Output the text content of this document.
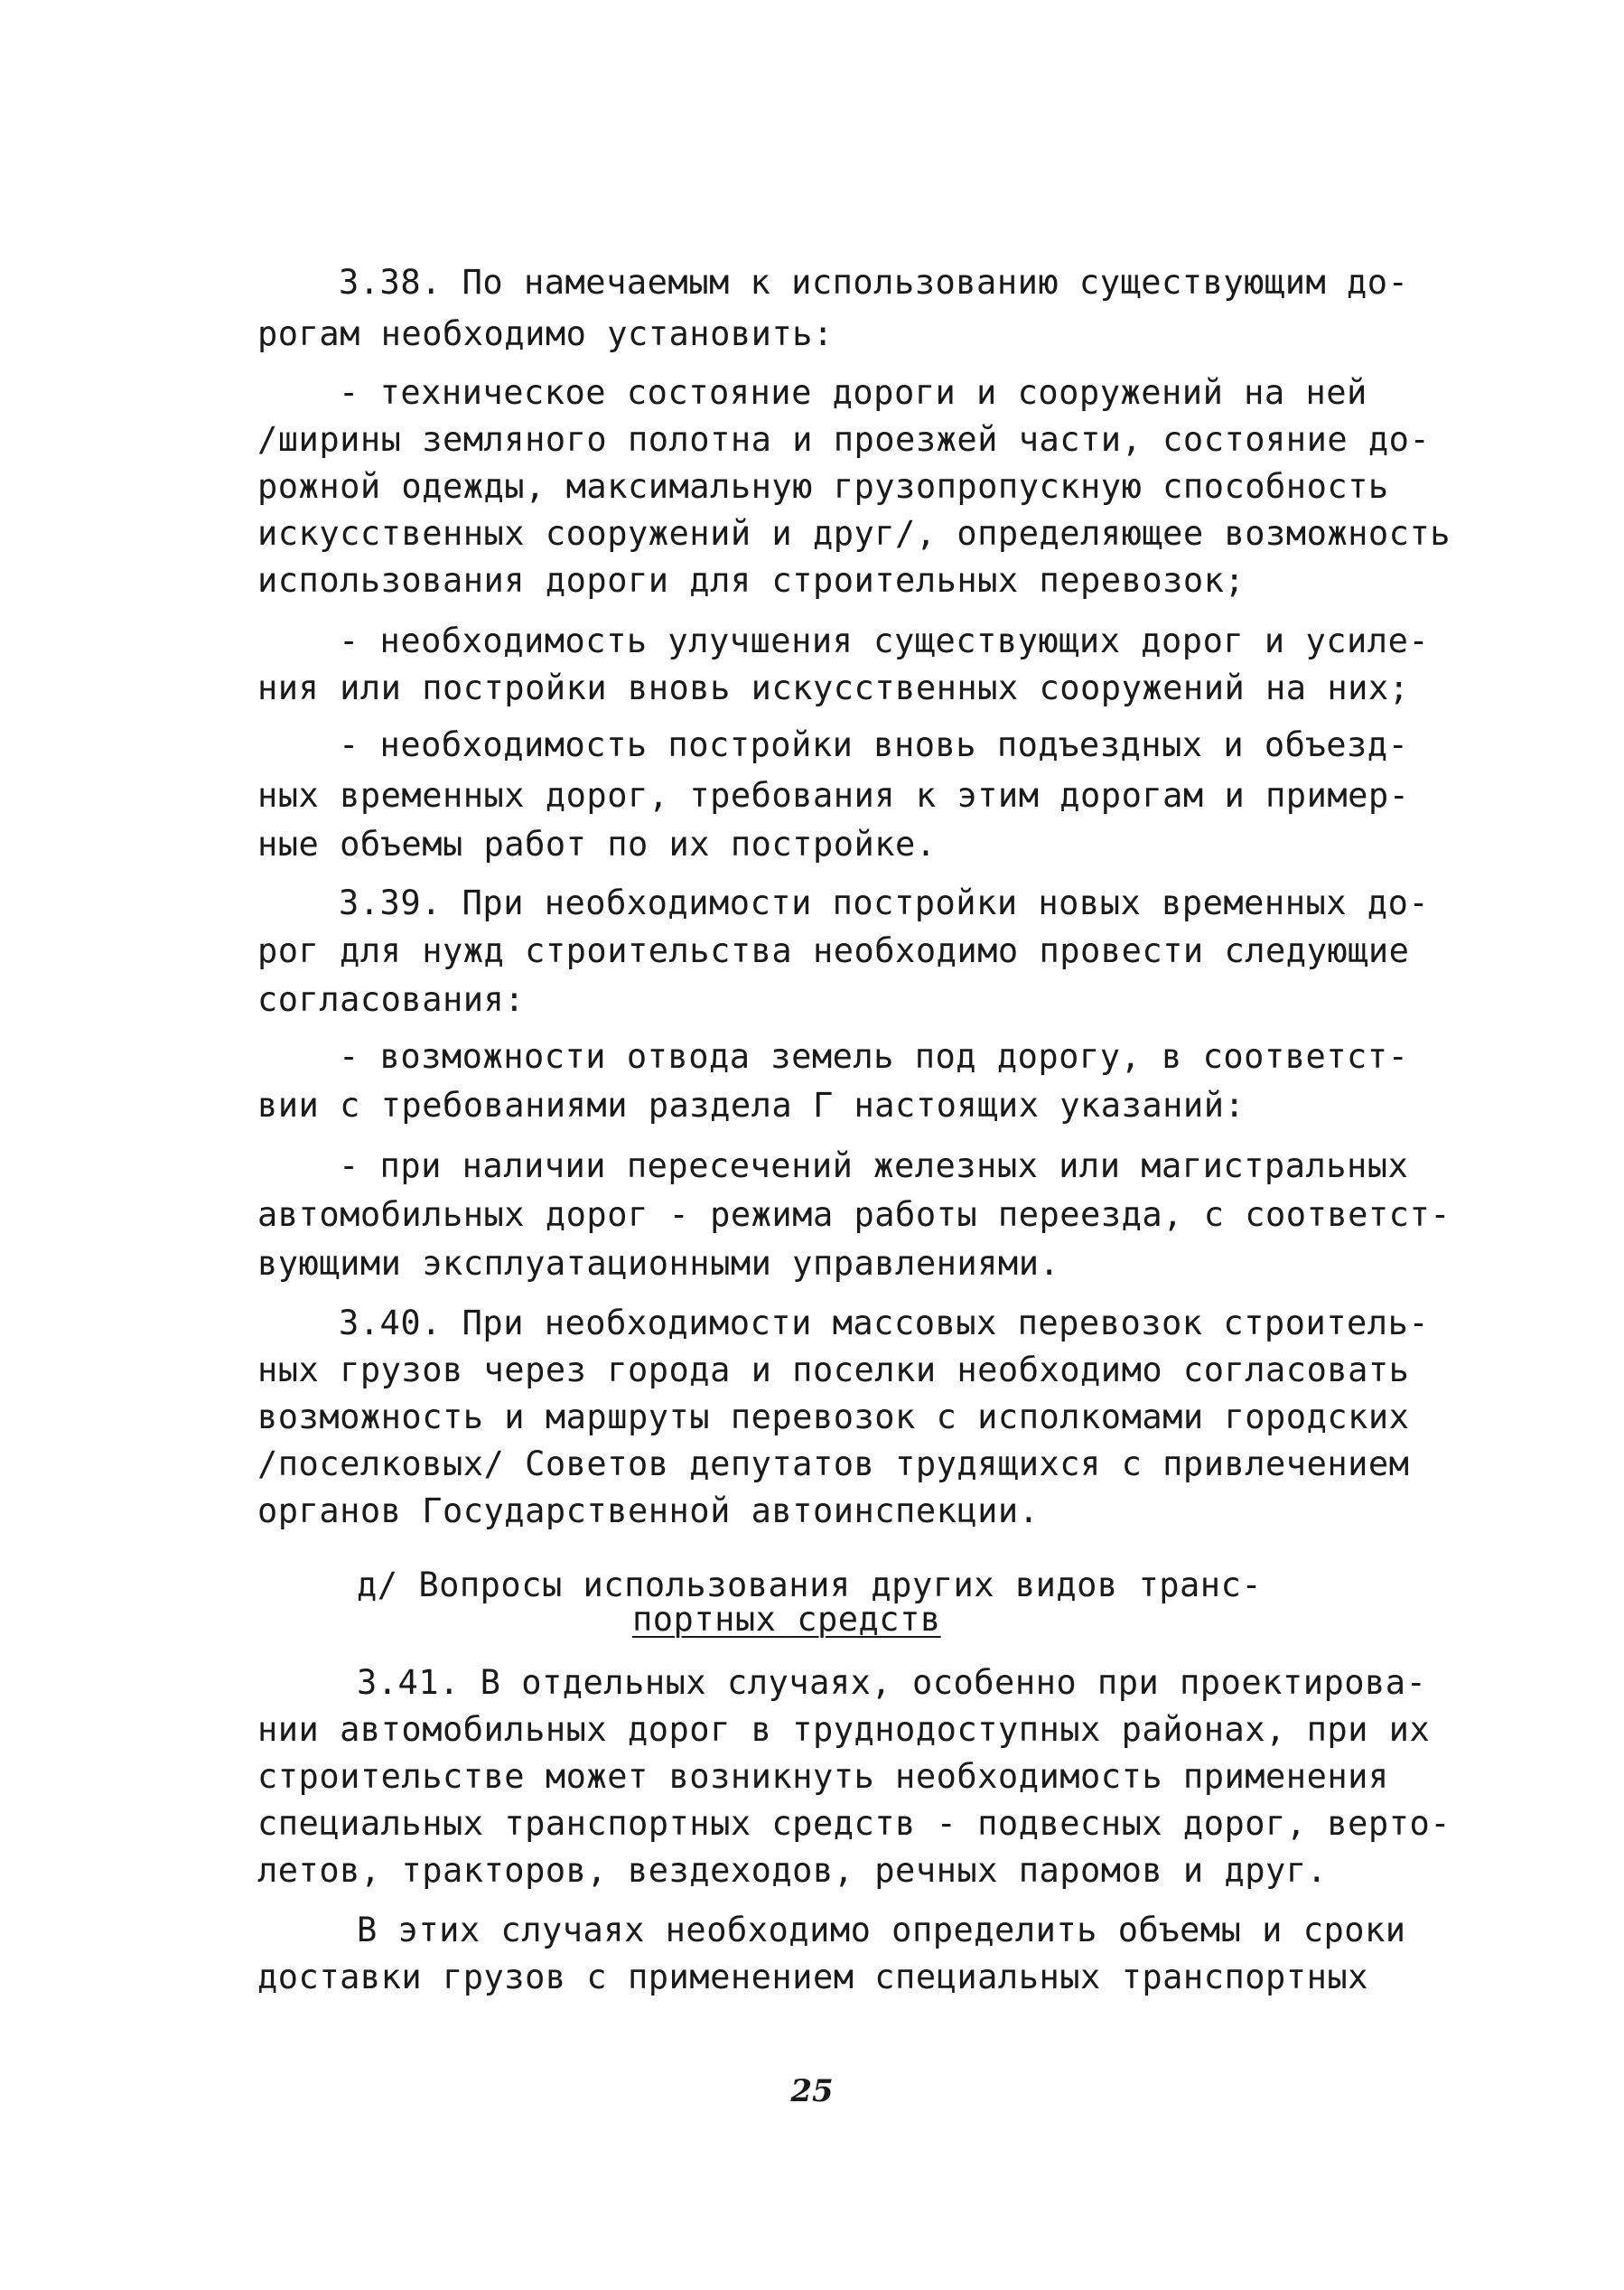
3.38. По намечаемым к использованию существующим до-
рогам необходимо установить:
- техническое состояние дороги и сооружений на ней
/ширины земляного полотна и проезжей части, состояние до-
рожной одежды, максимальную грузопропускную способность
искусственных сооружений и друг/, определяющее возможность
использования дороги для строительных перевозок;
- необходимость улучшения существующих дорог и усиле-
ния или постройки вновь искусственных сооружений на них;
- необходимость постройки вновь подъездных и объезд-
ных временных дорог, требования к этим дорогам и пример-
ные объемы работ по их постройке.
3.39. При необходимости постройки новых временных до-
рог для нужд строительства необходимо провести следующие
согласования:
- возможности отвода земель под дорогу, в соответст-
вии с требованиями раздела Г настоящих указаний:
- при наличии пересечений железных или магистральных
автомобильных дорог - режима работы переезда, с соответст-
вующими эксплуатационными управлениями.
3.40. При необходимости массовых перевозок строитель-
ных грузов через города и поселки необходимо согласовать
возможность и маршруты перевозок с исполкомами городских
/поселковых/ Советов депутатов трудящихся с привлечением
органов Государственной автоинспекции.
д/ Вопросы использования других видов транс-
портных средств
3.41. В отдельных случаях, особенно при проектирова-
нии автомобильных дорог в труднодоступных районах, при их
строительстве может возникнуть необходимость применения
специальных транспортных средств - подвесных дорог, верто-
летов, тракторов, вездеходов, речных паромов и друг.
В этих случаях необходимо определить объемы и сроки
доставки грузов с применением специальных транспортных
25
